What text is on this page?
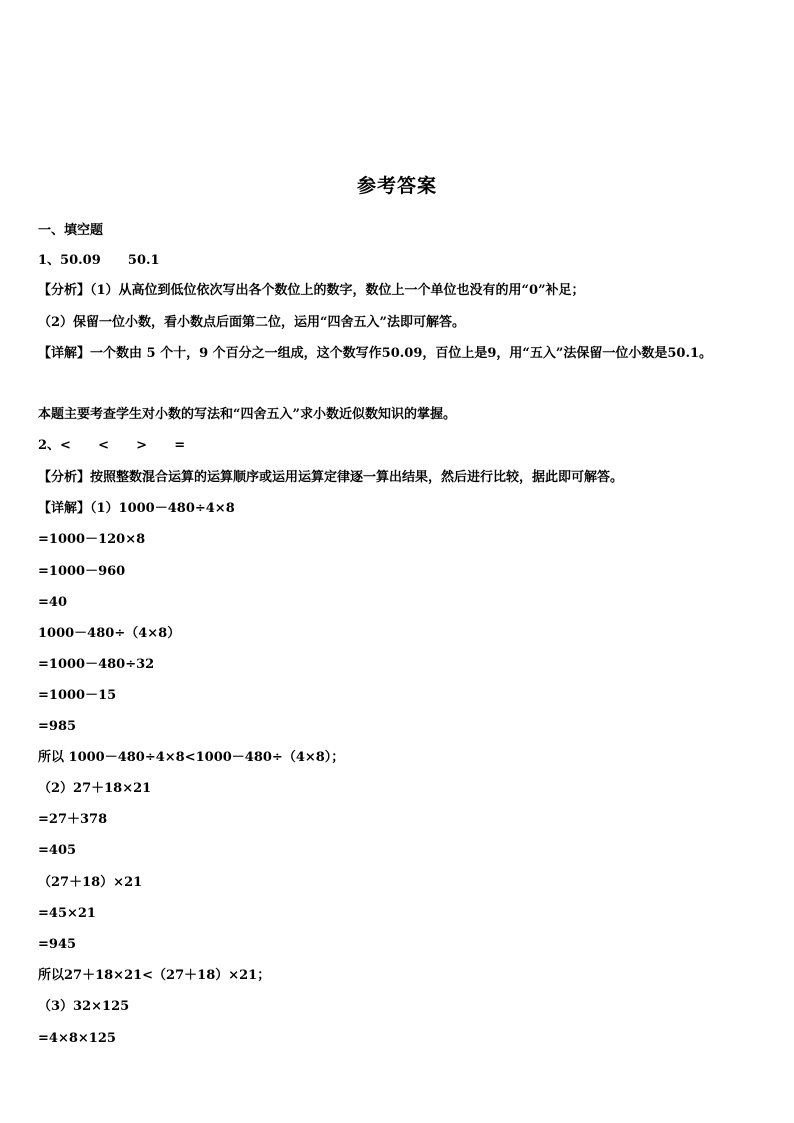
参考答案
一、填空题
1、50.09      50.1
【分析】（1）从高位到低位依次写出各个数位上的数字，数位上一个单位也没有的用“0”补足；
（2）保留一位小数，看小数点后面第二位，运用“四舍五入”法即可解答。
【详解】一个数由 5 个十，9 个百分之一组成，这个数写作50.09，百位上是9，用“五入”法保留一位小数是50.1。
本题主要考查学生对小数的写法和“四舍五入”求小数近似数知识的掌握。
2、<      <      >      =
【分析】按照整数混合运算的运算顺序或运用运算定律逐一算出结果，然后进行比较，据此即可解答。
【详解】（1）1000－480÷4×8
=1000－120×8
=1000－960
=40
1000－480÷（4×8）
=1000－480÷32
=1000－15
=985
所以 1000－480÷4×8<1000－480÷（4×8）；
（2）27＋18×21
=27＋378
=405
（27＋18）×21
=45×21
=945
所以27＋18×21<（27＋18）×21；
（3）32×125
=4×8×125
